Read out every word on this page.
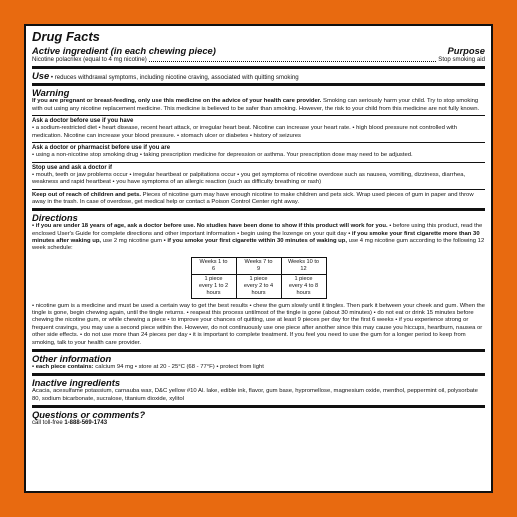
Drug Facts
Active ingredient (in each chewing piece)	Purpose
Nicotine polacrilex (equal to 4 mg nicotine)	Stop smoking aid
Use • reduces withdrawal symptoms, including nicotine craving, associated with quitting smoking
Warning

If you are pregnant or breast-feeding, only use this medicine on the advice of your health care provider. Smoking can seriously harm your child. Try to stop smoking with out using any nicotine replacement medicine. This medicine is believed to be safer than smoking. However, the risk to your child from this medicine are not fully known.

Ask a doctor before use if you have

• a sodium-restricted diet • heart disease, recent heart attack, or irregular heart beat. Nicotine can increase your heart rate. • high blood pressure not controlled with medication. Nicotine can increase your blood pressure. • stomach ulcer or diabetes • history of seizures

Ask a doctor or pharmacist before use if you are

• using a non-nicotine stop smoking drug • taking prescription medicine for depression or asthma. Your prescription dose may need to be adjusted.

Stop use and ask a doctor if

• mouth, teeth or jaw problems occur • irregular heartbeat or palpitations occur • you get symptoms of nicotine overdose such as nausea, vomiting, dizziness, diarrhea, weakness and rapid heartbeat • you have symptoms of an allergic reaction (such as difficulty breathing or rash)

Keep out of reach of children and pets. Pieces of nicotine gum may have enough nicotine to make children and pets sick. Wrap used pieces of gum in paper and throw away in the trash. In case of overdose, get medical help or contact a Poison Control Center right away.

Directions

• if you are under 18 years of age, ask a doctor before use. No studies have been done to show if this product will work for you. • before using this product, read the enclosed User's Guide for complete directions and other important information • begin using the lozenge on your quit day • if you smoke your first cigarette more than 30 minutes after waking up, use 2 mg nicotine gum • if you smoke your first cigarette within 30 minutes of waking up, use 4 mg nicotine gum according to the following 12 week schedule:

Weeks 1 to 6	Weeks 7 to 9	Weeks 10 to 12
1 piece every 1 to 2 hours	1 piece every 2 to 4 hours	1 piece every 4 to 8 hours

• nicotine gum is a medicine and must be used a certain way to get the best results • chew the gum slowly until it tingles. Then park it between your cheek and gum. When the tingle is gone, begin chewing again, until the tingle returns. • reapeat this process untilmost of the tingle is gone (about 30 minutes) • do not eat or drink 15 minutes before chewing the nicotine gum, or while chewing a piece • to improve your chances of quitting, use at least 9 pieces per day for the first 6 weeks • if you experience strong or frequent cravings, you may use a second piece within the. However, do not continuously use one piece after another since this may cause you hiccups, heartburn, nausea or other side effects. • do not use more than 24 pieces per day • it is important to complete treatment. If you feel you need to use the gum for a longer period to keep from smoking, talk to your health care provider.

Other information

• each piece contains: calcium 94 mg • store at 20 - 25°C (68 - 77°F) • protect from light

Inactive ingredients

Acacia, acesulfame potassium, carnauba wax, D&C yellow #10 Al. lake, edible ink, flavor, gum base, hypromellose, magnesium oxide, menthol, peppermint oil, polysorbate 80, sodium bicarbonate, sucralose, titanium dioxide, xylitol

Questions or comments?
call toll-free 1-888-569-1743
